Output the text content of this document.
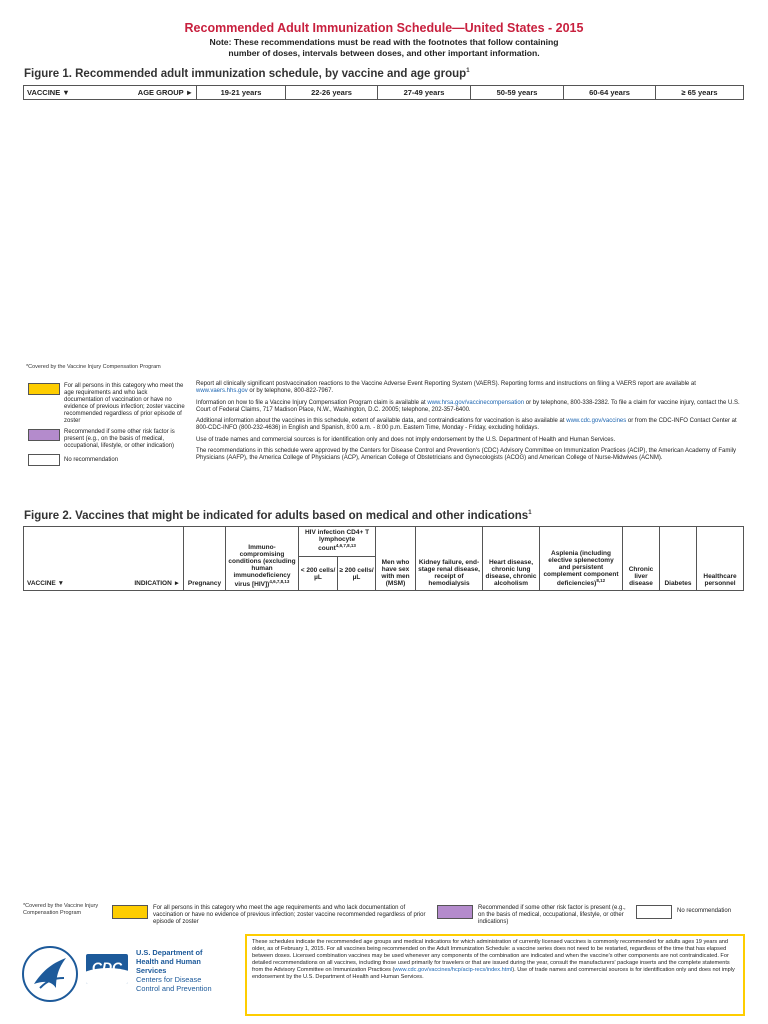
Recommended Adult Immunization Schedule—United States - 2015
Note: These recommendations must be read with the footnotes that follow containing number of doses, intervals between doses, and other important information.
Figure 1. Recommended adult immunization schedule, by vaccine and age group$^1$
VACCINE ▼	AGE GROUP ►	19-21 years	22-26 years	27-49 years	50-59 years	60-64 years	≥ 65 years
*Covered by the Vaccine Injury Compensation Program
For all persons in this category who meet the age requirements and who lack documentation of vaccination or have no evidence of previous infection; zoster vaccine recommended regardless of prior episode of zoster
Recommended if some other risk factor is present (e.g., on the basis of medical, occupational, lifestyle, or other indication)
No recommendation

Report all clinically significant postvaccination reactions to the Vaccine Adverse Event Reporting System (VAERS). Reporting forms and instructions on filing a VAERS report are available at www.vaers.hhs.gov or by telephone, 800-822-7967.

Information on how to file a Vaccine Injury Compensation Program claim is available at www.hrsa.gov/vaccinecompensation or by telephone, 800-338-2382. To file a claim for vaccine injury, contact the U.S. Court of Federal Claims, 717 Madison Place, N.W., Washington, D.C. 20005; telephone, 202-357-6400.

Additional information about the vaccines in this schedule, extent of available data, and contraindications for vaccination is also available at www.cdc.gov/vaccines or from the CDC-INFO Contact Center at 800-CDC-INFO (800-232-4636) in English and Spanish, 8:00 a.m. - 8:00 p.m. Eastern Time, Monday - Friday, excluding holidays.

Use of trade names and commercial sources is for identification only and does not imply endorsement by the U.S. Department of Health and Human Services.

The recommendations in this schedule were approved by the Centers for Disease Control and Prevention's (CDC) Advisory Committee on Immunization Practices (ACIP), the American Academy of Family Physicians (AAFP), the America College of Physicians (ACP), American College of Obstetricians and Gynecologists (ACOG) and American College of Nurse-Midwives (ACNM).

Figure 2. Vaccines that might be indicated for adults based on medical and other indications$^1$
VACCINE ▼ INDICATION ►	Pregnancy	Immuno-compromising conditions (excluding human immunodeficiency virus [HIV])$^{4,6,7,8,13}$	HIV infection CD4+ T lymphocyte count$^{4,6,7,8,13}$		Men who have sex with men (MSM)	Kidney failure, end-stage renal disease, receipt of hemodialysis	Heart disease, chronic lung disease, chronic alcoholism	Asplenia (including elective splenectomy and persistent complement component deficiencies)$^{8,12}$	Chronic liver disease	Diabetes	Healthcare personnel
			< 200 cells/µL	≥ 200 cells/µL							
*Covered by the Vaccine Injury Compensation Program
For all persons in this category who meet the age requirements and who lack documentation of vaccination or have no evidence of previous infection; zoster vaccine recommended regardless of prior episode of zoster
Recommended if some other risk factor is present (e.g., on the basis of medical, occupational, lifestyle, or other indications)
No recommendation
CDC
U.S. Department of
Health and Human Services
Centers for Disease
Control and Prevention
These schedules indicate the recommended age groups and medical indications for which administration of currently licensed vaccines is commonly recommended for adults ages 19 years and older, as of February 1, 2015. For all vaccines being recommended on the Adult Immunization Schedule: a vaccine series does not need to be restarted, regardless of the time that has elapsed between doses. Licensed combination vaccines may be used whenever any components of the combination are indicated and when the vaccine's other components are not contraindicated. For detailed recommendations on all vaccines, including those used primarily for travelers or that are issued during the year, consult the manufacturers' package inserts and the complete statements from the Advisory Committee on Immunization Practices (www.cdc.gov/vaccines/hcp/acip-recs/index.html). Use of trade names and commercial sources is for identification only and does not imply endorsement by the U.S. Department of Health and Human Services.
